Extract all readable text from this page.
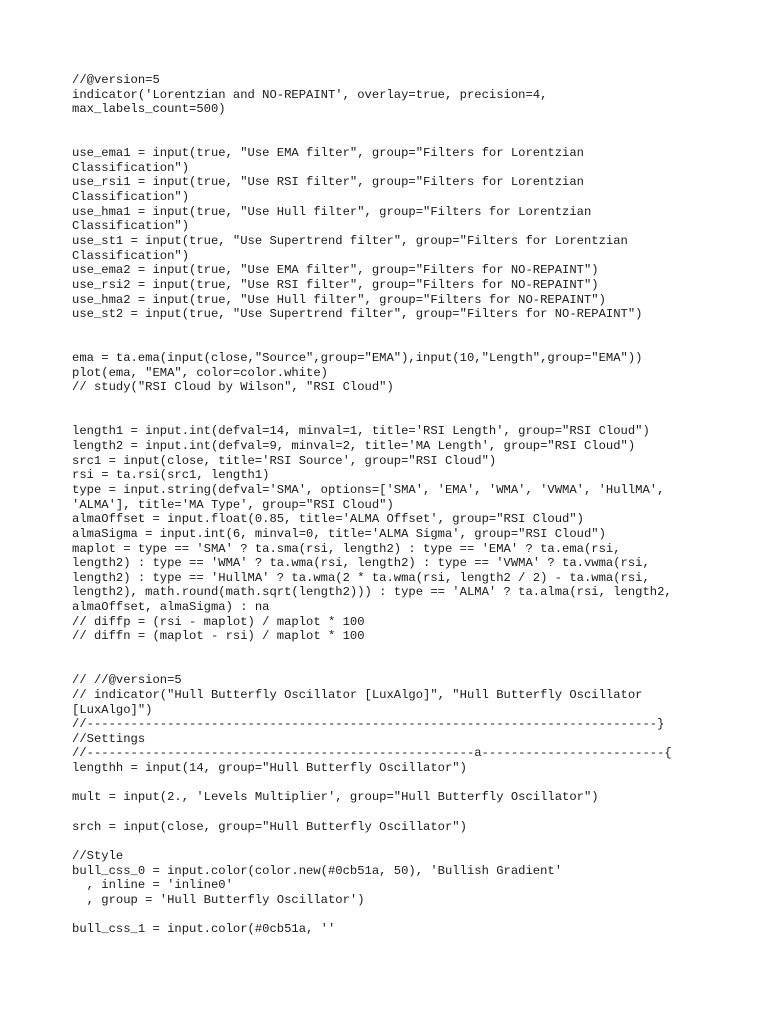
//@version=5
indicator('Lorentzian and NO-REPAINT', overlay=true, precision=4,
max_labels_count=500)
use_ema1 = input(true, "Use EMA filter", group="Filters for Lorentzian
Classification")
use_rsi1 = input(true, "Use RSI filter", group="Filters for Lorentzian
Classification")
use_hma1 = input(true, "Use Hull filter", group="Filters for Lorentzian
Classification")
use_st1 = input(true, "Use Supertrend filter", group="Filters for Lorentzian
Classification")
use_ema2 = input(true, "Use EMA filter", group="Filters for NO-REPAINT")
use_rsi2 = input(true, "Use RSI filter", group="Filters for NO-REPAINT")
use_hma2 = input(true, "Use Hull filter", group="Filters for NO-REPAINT")
use_st2 = input(true, "Use Supertrend filter", group="Filters for NO-REPAINT")
ema = ta.ema(input(close,"Source",group="EMA"),input(10,"Length",group="EMA"))
plot(ema, "EMA", color=color.white)
// study("RSI Cloud by Wilson", "RSI Cloud")
length1 = input.int(defval=14, minval=1, title='RSI Length', group="RSI Cloud")
length2 = input.int(defval=9, minval=2, title='MA Length', group="RSI Cloud")
src1 = input(close, title='RSI Source', group="RSI Cloud")
rsi = ta.rsi(src1, length1)
type = input.string(defval='SMA', options=['SMA', 'EMA', 'WMA', 'VWMA', 'HullMA',
'ALMA'], title='MA Type', group="RSI Cloud")
almaOffset = input.float(0.85, title='ALMA Offset', group="RSI Cloud")
almaSigma = input.int(6, minval=0, title='ALMA Sigma', group="RSI Cloud")
maplot = type == 'SMA' ? ta.sma(rsi, length2) : type == 'EMA' ? ta.ema(rsi,
length2) : type == 'WMA' ? ta.wma(rsi, length2) : type == 'VWMA' ? ta.vwma(rsi,
length2) : type == 'HullMA' ? ta.wma(2 * ta.wma(rsi, length2 / 2) - ta.wma(rsi,
length2), math.round(math.sqrt(length2))) : type == 'ALMA' ? ta.alma(rsi, length2,
almaOffset, almaSigma) : na
// diffp = (rsi - maplot) / maplot * 100
// diffn = (maplot - rsi) / maplot * 100
// //@version=5
// indicator("Hull Butterfly Oscillator [LuxAlgo]", "Hull Butterfly Oscillator
[LuxAlgo]")
//------------------------------------------------------------------------------}
//Settings
//-----------------------------------------------------a-------------------------{
lengthh = input(14, group="Hull Butterfly Oscillator")
mult = input(2., 'Levels Multiplier', group="Hull Butterfly Oscillator")
srch = input(close, group="Hull Butterfly Oscillator")
//Style
bull_css_0 = input.color(color.new(#0cb51a, 50), 'Bullish Gradient'
, inline = 'inline0'
, group = 'Hull Butterfly Oscillator')
bull_css_1 = input.color(#0cb51a, ''
